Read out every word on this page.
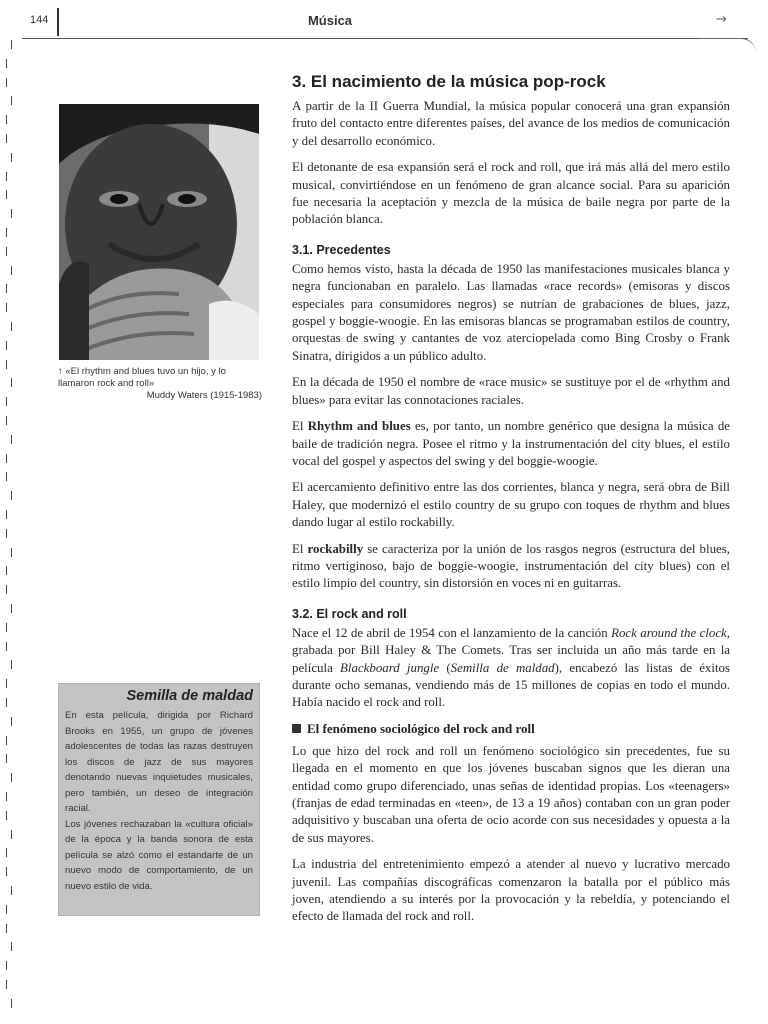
144	Música	→
↑ «El rhythm and blues tuvo un hijo, y lo llamaron rock and roll»
Muddy Waters (1915-1983)
Semilla de maldad

En esta película, dirigida por Richard Brooks en 1955, un grupo de jóvenes adolescentes de todas las razas destruyen los discos de jazz de sus mayores denotando nuevas inquietudes musicales, pero también, un deseo de integración racial.

Los jóvenes rechazaban la «cultura oficial» de la época y la banda sonora de esta película se alzó como el estandarte de un nuevo modo de comportamiento, de un nuevo estilo de vida.

3. El nacimiento de la música pop-rock

A partir de la II Guerra Mundial, la música popular conocerá una gran expansión fruto del contacto entre diferentes países, del avance de los medios de comunicación y del desarrollo económico.

El detonante de esa expansión será el rock and roll, que irá más allá del mero estilo musical, convirtiéndose en un fenómeno de gran alcance social. Para su aparición fue necesaria la aceptación y mezcla de la música de baile negra por parte de la población blanca.

3.1. Precedentes

Como hemos visto, hasta la década de 1950 las manifestaciones musicales blanca y negra funcionaban en paralelo. Las llamadas «race records» (emisoras y discos especiales para consumidores negros) se nutrían de grabaciones de blues, jazz, gospel y boggie-woogie. En las emisoras blancas se programaban estilos de country, orquestas de swing y cantantes de voz aterciopelada como Bing Crosby o Frank Sinatra, dirigidos a un público adulto.

En la década de 1950 el nombre de «race music» se sustituye por el de «rhythm and blues» para evitar las connotaciones raciales.

El Rhythm and blues es, por tanto, un nombre genérico que designa la música de baile de tradición negra. Posee el ritmo y la instrumentación del city blues, el estilo vocal del gospel y aspectos del swing y del boggie-woogie.

El acercamiento definitivo entre las dos corrientes, blanca y negra, será obra de Bill Haley, que modernizó el estilo country de su grupo con toques de rhythm and blues dando lugar al estilo rockabilly.

El rockabilly se caracteriza por la unión de los rasgos negros (estructura del blues, ritmo vertiginoso, bajo de boggie-woogie, instrumentación del city blues) con el estilo limpio del country, sin distorsión en voces ni en guitarras.

3.2. El rock and roll

Nace el 12 de abril de 1954 con el lanzamiento de la canción Rock around the clock, grabada por Bill Haley & The Comets. Tras ser incluida un año más tarde en la película Blackboard jungle (Semilla de maldad), encabezó las listas de éxitos durante ocho semanas, vendiendo más de 15 millones de copias en todo el mundo. Había nacido el rock and roll.

El fenómeno sociológico del rock and roll

Lo que hizo del rock and roll un fenómeno sociológico sin precedentes, fue su llegada en el momento en que los jóvenes buscaban signos que les dieran una entidad como grupo diferenciado, unas señas de identidad propias. Los «teenagers» (franjas de edad terminadas en «teen», de 13 a 19 años) contaban con un gran poder adquisitivo y buscaban una oferta de ocio acorde con sus necesidades y opuesta a la de sus mayores.

La industria del entretenimiento empezó a atender al nuevo y lucrativo mercado juvenil. Las compañías discográficas comenzaron la batalla por el público más joven, atendiendo a su interés por la provocación y la rebeldía, y potenciando el efecto de llamada del rock and roll.
